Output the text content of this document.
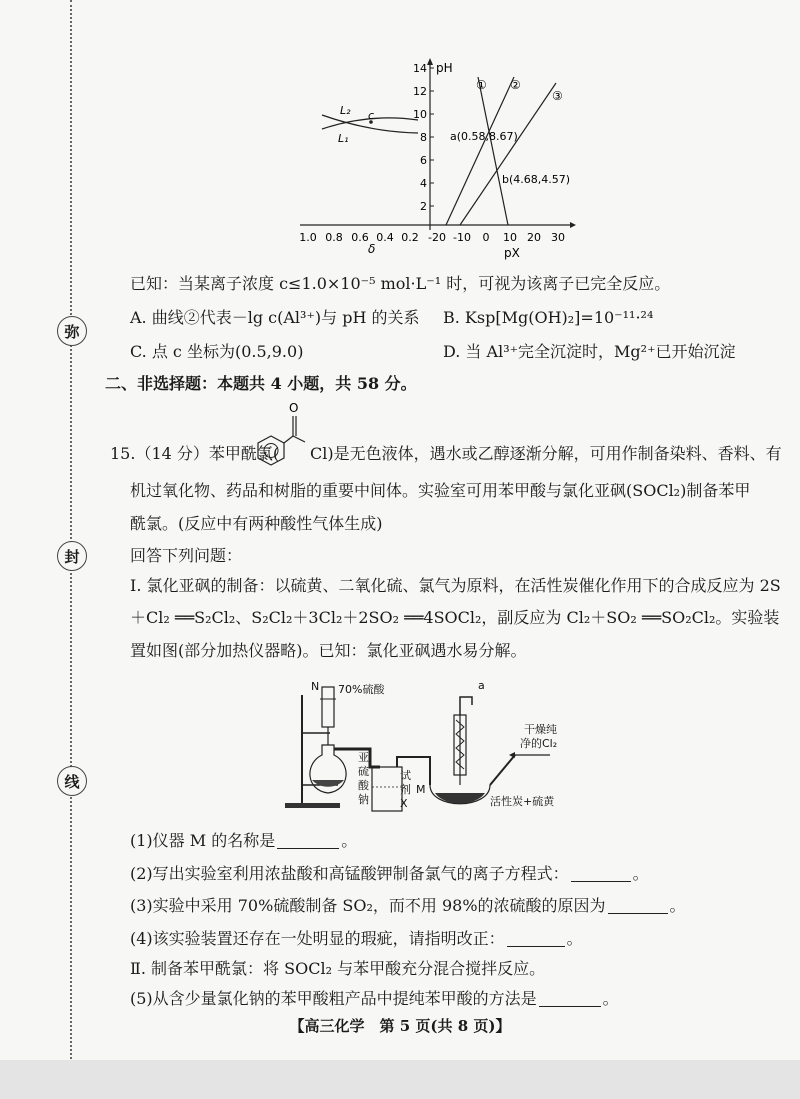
弥
封
线
2
4
6
8
10
12
14 pH
1.0 0.8 0.6 0.4 0.2 -20 -10 0 10 20 30
δ	pX
L₂
L₁
c
① ②
③
a(0.58,8.67)
b(4.68,4.57)
已知：当某离子浓度 c≤1.0×10⁻⁵ mol·L⁻¹ 时，可视为该离子已完全反应。
A. 曲线②代表－lg c(Al³⁺)与 pH 的关系 B. Ksp[Mg(OH)₂]=10⁻¹¹·²⁴
C. 点 c 坐标为(0.5,9.0)	D. 当 Al³⁺完全沉淀时，Mg²⁺已开始沉淀
二、非选择题：本题共 4 小题，共 58 分。
15.（14 分）苯甲酰氯(
O
Cl)是无色液体，遇水或乙醇逐渐分解，可用作制备染料、香料、有
机过氧化物、药品和树脂的重要中间体。实验室可用苯甲酸与氯化亚砜(SOCl₂)制备苯甲
酰氯。(反应中有两种酸性气体生成)
回答下列问题：
Ⅰ. 氯化亚砜的制备：以硫黄、二氧化硫、氯气为原料，在活性炭催化作用下的合成反应为 2S
＋Cl₂ ══S₂Cl₂、S₂Cl₂＋3Cl₂＋2SO₂ ══4SOCl₂，副反应为 Cl₂＋SO₂ ══SO₂Cl₂。实验装
置如图(部分加热仪器略)。已知：氯化亚砜遇水易分解。
N 70%硫酸
亚
硫
酸
钠
试
剂
X
a
干燥纯
净的Cl₂
M
活性炭+硫黄
(1)仪器 M 的名称是	。
(2)写出实验室利用浓盐酸和高锰酸钾制备氯气的离子方程式：	。
(3)实验中采用 70%硫酸制备 SO₂，而不用 98%的浓硫酸的原因为	。
(4)该实验装置还存在一处明显的瑕疵，请指明改正：	。
Ⅱ. 制备苯甲酰氯：将 SOCl₂ 与苯甲酸充分混合搅拌反应。
(5)从含少量氯化钠的苯甲酸粗产品中提纯苯甲酸的方法是	。
【高三化学　第 5 页(共 8 页)】
